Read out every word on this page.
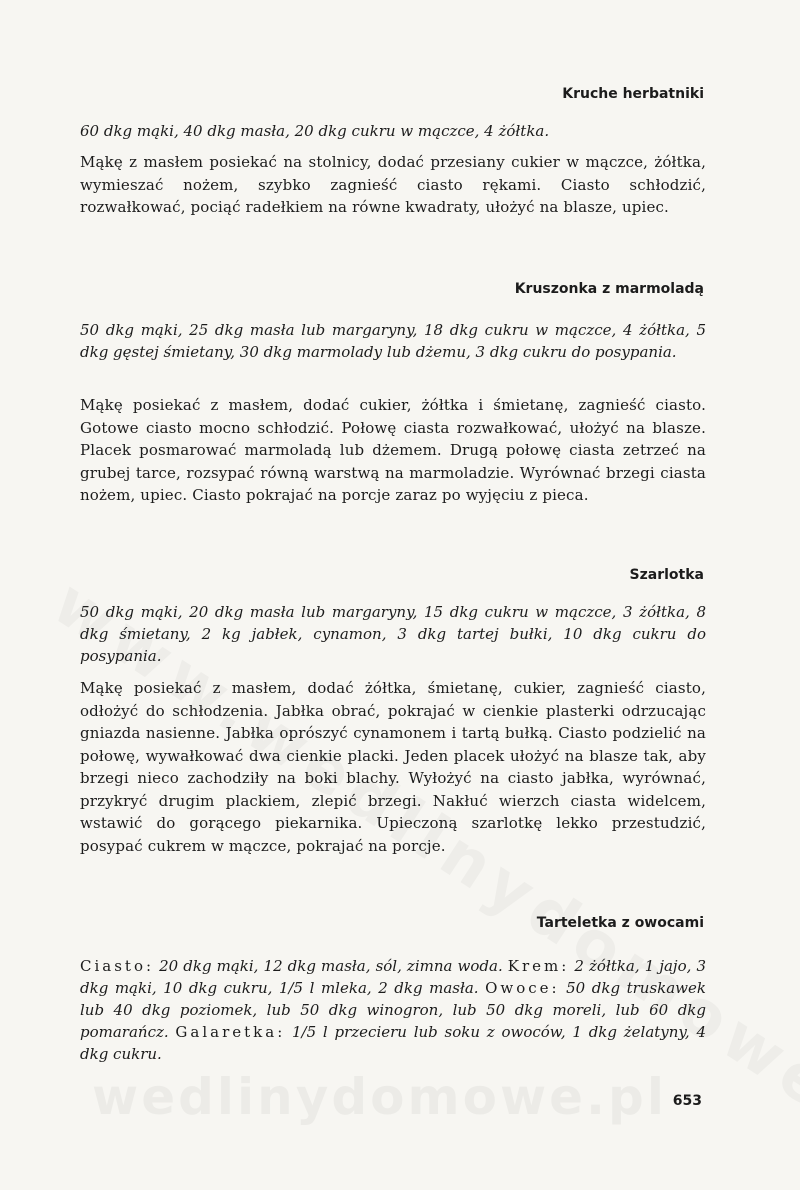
Kruche herbatniki

60 dkg mąki, 40 dkg masła, 20 dkg cukru w mączce, 4 żółtka.

Mąkę z masłem posiekać na stolnicy, dodać przesiany cukier w mączce, żółtka, wymieszać nożem, szybko zagnieść ciasto rękami. Ciasto schłodzić, rozwałkować, pociąć radełkiem na równe kwadraty, ułożyć na blasze, upiec.

Kruszonka z marmoladą

50 dkg mąki, 25 dkg masła lub margaryny, 18 dkg cukru w mączce, 4 żółtka, 5 dkg gęstej śmietany, 30 dkg marmolady lub dżemu, 3 dkg cukru do posypania.

Mąkę posiekać z masłem, dodać cukier, żółtka i śmietanę, zagnieść ciasto. Gotowe ciasto mocno schłodzić. Połowę ciasta rozwałkować, ułożyć na blasze. Placek posmarować marmoladą lub dżemem. Drugą połowę ciasta zetrzeć na grubej tarce, rozsypać równą warstwą na marmoladzie. Wyrównać brzegi ciasta nożem, upiec. Ciasto pokrajać na porcje zaraz po wyjęciu z pieca.

Szarlotka

50 dkg mąki, 20 dkg masła lub margaryny, 15 dkg cukru w mączce, 3 żółtka, 8 dkg śmietany, 2 kg jabłek, cynamon, 3 dkg tartej bułki, 10 dkg cukru do posypania.

Mąkę posiekać z masłem, dodać żółtka, śmietanę, cukier, zagnieść ciasto, odłożyć do schłodzenia. Jabłka obrać, pokrajać w cienkie plasterki odrzucając gniazda nasienne. Jabłka oprószyć cynamonem i tartą bułką. Ciasto podzielić na połowę, wywałkować dwa cienkie placki. Jeden placek ułożyć na blasze tak, aby brzegi nieco zachodziły na boki blachy. Wyłożyć na ciasto jabłka, wyrównać, przykryć drugim plackiem, zlepić brzegi. Nakłuć wierzch ciasta widelcem, wstawić do gorącego piekarnika. Upieczoną szarlotkę lekko przestudzić, posypać cukrem w mączce, pokrajać na porcje.

Tarteletka z owocami

Ciasto: 20 dkg mąki, 12 dkg masła, sól, zimna woda. Krem: 2 żółtka, 1 jajo, 3 dkg mąki, 10 dkg cukru, 1/5 l mleka, 2 dkg masła. Owoce: 50 dkg truskawek lub 40 dkg poziomek, lub 50 dkg winogron, lub 50 dkg moreli, lub 60 dkg pomarańcz. Galaretka: 1/5 l przecieru lub soku z owoców, 1 dkg żelatyny, 4 dkg cukru.

653
